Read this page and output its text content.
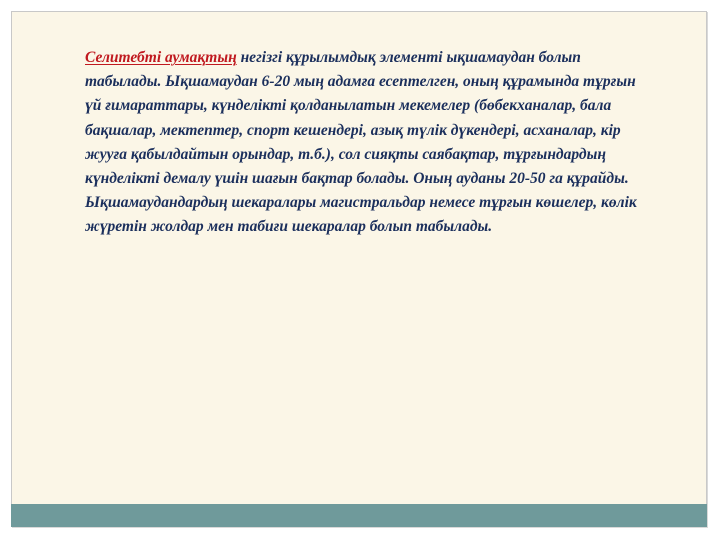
Селитебті аумақтың негізгі құрылымдық элементі ықшамаудан болып табылады. Ықшамаудан 6-20 мың адамға есептелген, оның құрамында тұрғын үй ғимараттары, күнделікті қолданылатын мекемелер (бөбекханалар, бала бақшалар, мектептер, спорт кешендері, азық түлік дүкендері, асханалар, кір жууға қабылдайтын орындар, т.б.), сол сияқты саябақтар, тұрғындардың күнделікті демалу үшін шағын бақтар болады. Оның ауданы 20-50 га құрайды. Ықшамаудандардың шекаралары магистральдар немесе тұрғын көшелер, көлік жүретін жолдар мен табиғи шекаралар болып табылады.
